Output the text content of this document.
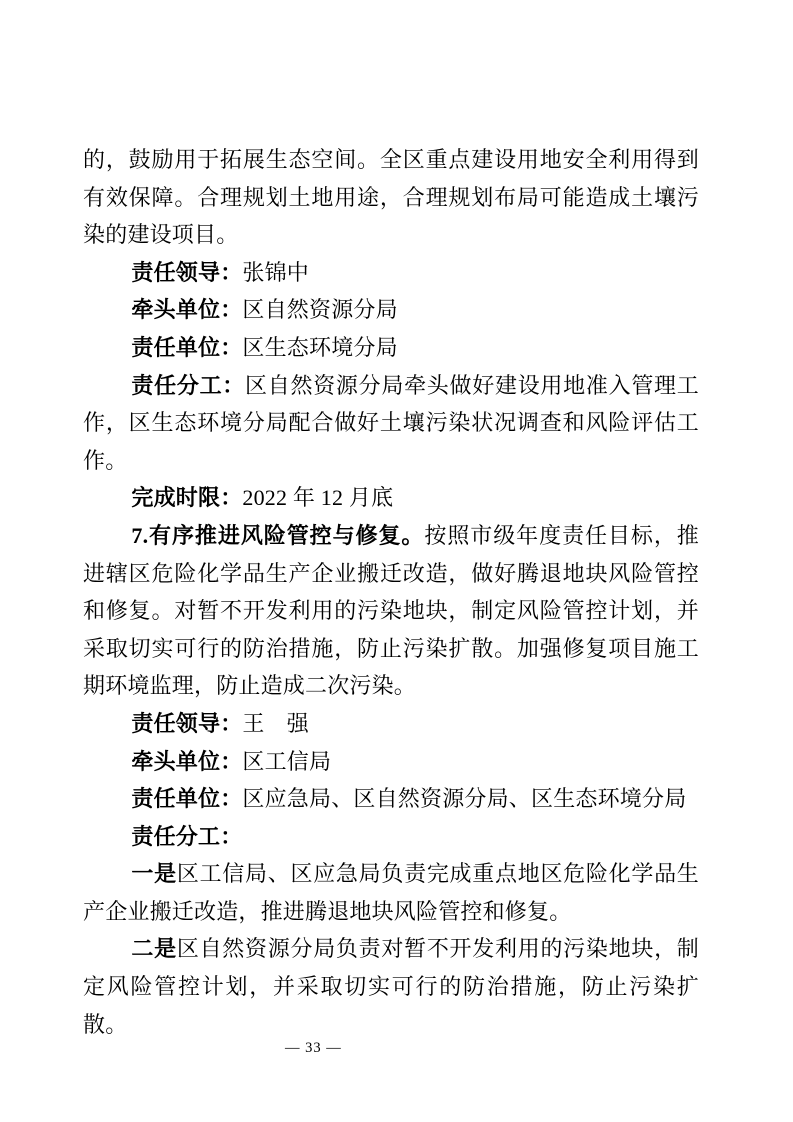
的，鼓励用于拓展生态空间。全区重点建设用地安全利用得到有效保障。合理规划土地用途，合理规划布局可能造成土壤污染的建设项目。

责任领导：张锦中

牵头单位：区自然资源分局

责任单位：区生态环境分局

责任分工：区自然资源分局牵头做好建设用地准入管理工作，区生态环境分局配合做好土壤污染状况调查和风险评估工作。

完成时限：2022 年 12 月底

7.有序推进风险管控与修复。按照市级年度责任目标，推进辖区危险化学品生产企业搬迁改造，做好腾退地块风险管控和修复。对暂不开发利用的污染地块，制定风险管控计划，并采取切实可行的防治措施，防止污染扩散。加强修复项目施工期环境监理，防止造成二次污染。

责任领导：王　强

牵头单位：区工信局

责任单位：区应急局、区自然资源分局、区生态环境分局

责任分工：

一是区工信局、区应急局负责完成重点地区危险化学品生产企业搬迁改造，推进腾退地块风险管控和修复。

二是区自然资源分局负责对暂不开发利用的污染地块，制定风险管控计划，并采取切实可行的防治措施，防止污染扩散。

— 33 —
